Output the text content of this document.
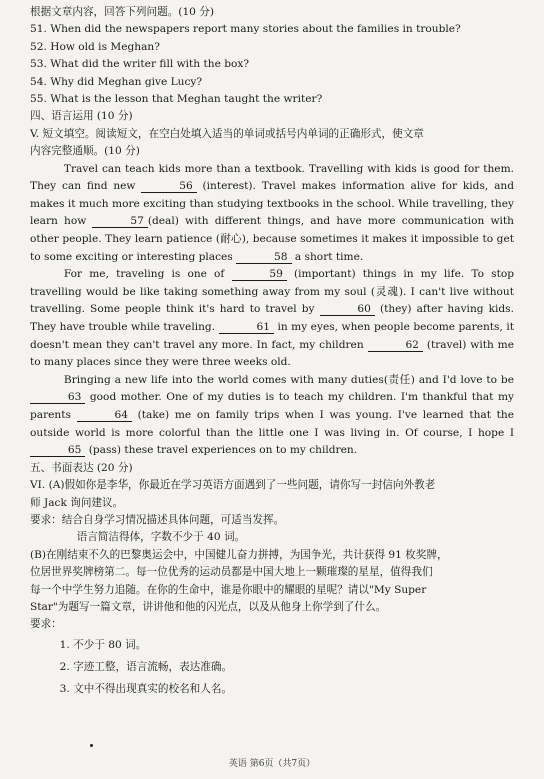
根据文章内容，回答下列问题。(10 分)
51. When did the newspapers report many stories about the families in trouble?
52. How old is Meghan?
53. What did the writer fill with the box?
54. Why did Meghan give Lucy?
55. What is the lesson that Meghan taught the writer?
四、语言运用 (10 分)
V. 短文填空。阅读短文，在空白处填入适当的单词或括号内单词的正确形式，使文章
内容完整通顺。(10 分)

Travel can teach kids more than a textbook. Travelling with kids is good for them. They can find new	56 (interest). Travel makes information alive for kids, and makes it much more exciting than studying textbooks in the school. While travelling, they learn how	57 (deal) with different things, and have more communication with other people. They learn patience (耐心), because sometimes it makes it impossible to get to some exciting or interesting places	58 a short time.

For me, traveling is one of	59 (important) things in my life. To stop travelling would be like taking something away from my soul (灵魂). I can't live without travelling. Some people think it's hard to travel by	60 (they) after having kids. They have trouble while traveling.	61 in my eyes, when people become parents, it doesn't mean they can't travel any more. In fact, my children	62 (travel) with me to many places since they were three weeks old.

Bringing a new life into the world comes with many duties(责任) and I'd love to be 63 good mother. One of my duties is to teach my children. I'm thankful that my parents	64 (take) me on family trips when I was young. I've learned that the outside world is more colorful than the little one I was living in. Of course, I hope I 65 (pass) these travel experiences on to my children.

五、书面表达 (20 分)
VI. (A)假如你是李华，你最近在学习英语方面遇到了一些问题，请你写一封信向外教老
师 Jack 询问建议。
要求：结合自身学习情况描述具体问题，可适当发挥。
语言简洁得体，字数不少于 40 词。
(B)在刚结束不久的巴黎奥运会中，中国健儿奋力拼搏，为国争光，共计获得 91 枚奖牌，
位居世界奖牌榜第二。每一位优秀的运动员都是中国大地上一颗璀璨的星星，值得我们
每一个中学生努力追随。在你的生命中，谁是你眼中的耀眼的星呢？请以"My Super
Star"为题写一篇文章，讲讲他和他的闪光点，以及从他身上你学到了什么。
要求：
1. 不少于 80 词。
2. 字迹工整，语言流畅，表达准确。
3. 文中不得出现真实的校名和人名。
英语 第6页（共7页）
